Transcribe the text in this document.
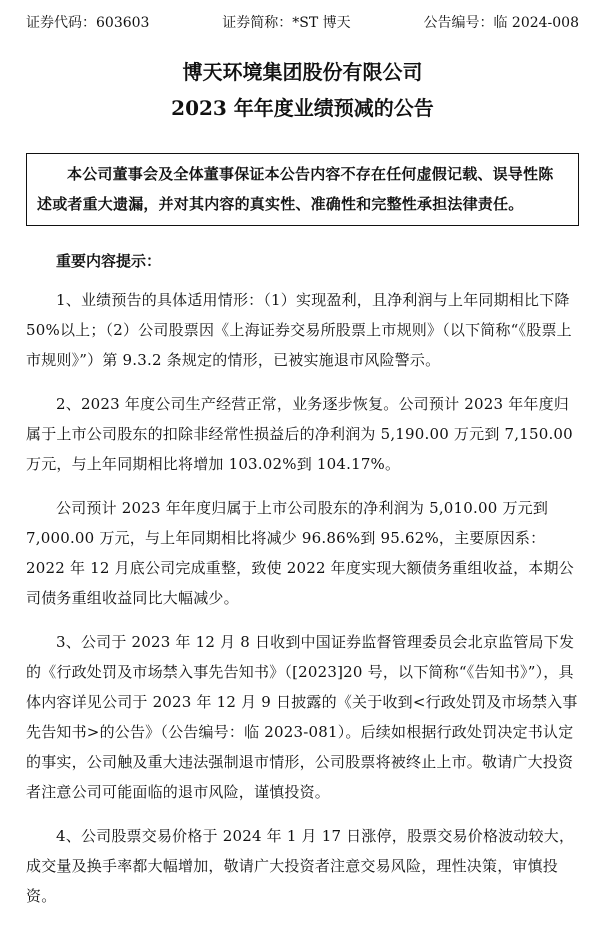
证券代码：603603	证券简称：*ST 博天	公告编号：临 2024-008
博天环境集团股份有限公司
2023 年年度业绩预减的公告
本公司董事会及全体董事保证本公告内容不存在任何虚假记载、误导性陈述或者重大遗漏，并对其内容的真实性、准确性和完整性承担法律责任。
重要内容提示：

1、业绩预告的具体适用情形：（1）实现盈利，且净利润与上年同期相比下降 50%以上；（2）公司股票因《上海证券交易所股票上市规则》（以下简称“《股票上市规则》”）第 9.3.2 条规定的情形，已被实施退市风险警示。

2、2023 年度公司生产经营正常，业务逐步恢复。公司预计 2023 年年度归属于上市公司股东的扣除非经常性损益后的净利润为 5,190.00 万元到 7,150.00 万元，与上年同期相比将增加 103.02%到 104.17%。

公司预计 2023 年年度归属于上市公司股东的净利润为 5,010.00 万元到 7,000.00 万元，与上年同期相比将减少 96.86%到 95.62%，主要原因系：2022 年 12 月底公司完成重整，致使 2022 年度实现大额债务重组收益，本期公司债务重组收益同比大幅减少。

3、公司于 2023 年 12 月 8 日收到中国证券监督管理委员会北京监管局下发的《行政处罚及市场禁入事先告知书》（[2023]20 号，以下简称“《告知书》”），具体内容详见公司于 2023 年 12 月 9 日披露的《关于收到<行政处罚及市场禁入事先告知书>的公告》（公告编号：临 2023-081）。后续如根据行政处罚决定书认定的事实，公司触及重大违法强制退市情形，公司股票将被终止上市。敬请广大投资者注意公司可能面临的退市风险，谨慎投资。

4、公司股票交易价格于 2024 年 1 月 17 日涨停，股票交易价格波动较大，成交量及换手率都大幅增加，敬请广大投资者注意交易风险，理性决策，审慎投资。
